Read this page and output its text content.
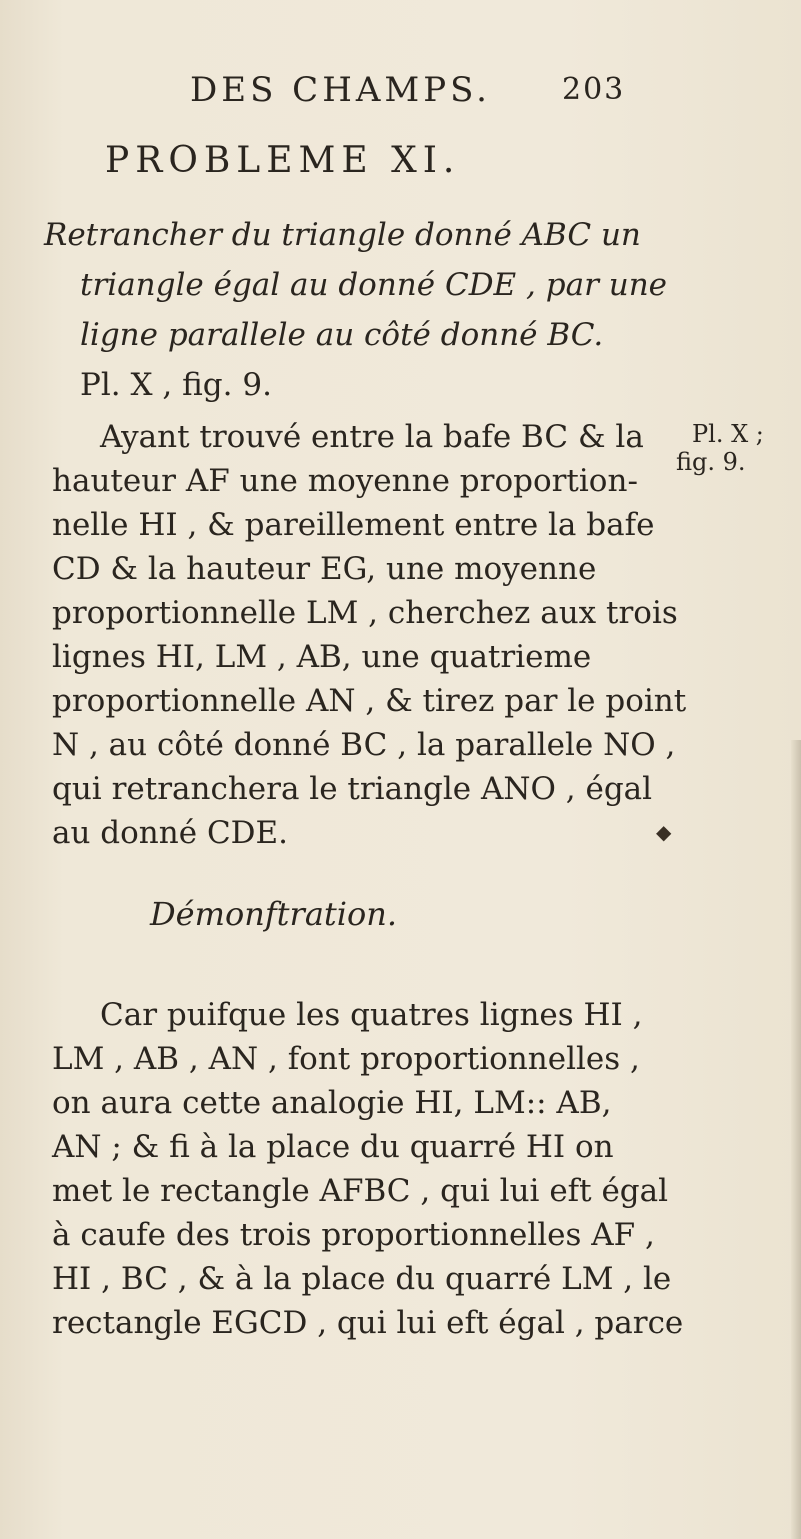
DES CHAMPS. 203
PROBLEME XI.
Retrancher du triangle donné ABC un
triangle égal au donné CDE , par une
ligne parallele au côté donné BC.
Pl. X , fig. 9.
Pl. X ;
fig. 9.
Ayant trouvé entre la bafe BC & la
hauteur AF une moyenne proportion-
nelle HI , & pareillement entre la bafe
CD & la hauteur EG, une moyenne
proportionnelle LM , cherchez aux trois
lignes HI, LM , AB, une quatrieme
proportionnelle AN , & tirez par le point
N , au côté donné BC , la parallele NO ,
qui retranchera le triangle ANO , égal
au donné CDE.	◆
Démonftration.
Car puifque les quatres lignes HI ,
LM , AB , AN , font proportionnelles ,
on aura cette analogie HI, LM:: AB,
AN ; & fi à la place du quarré HI on
met le rectangle AFBC , qui lui eft égal
à caufe des trois proportionnelles AF ,
HI , BC , & à la place du quarré LM , le
rectangle EGCD , qui lui eft égal , parce
